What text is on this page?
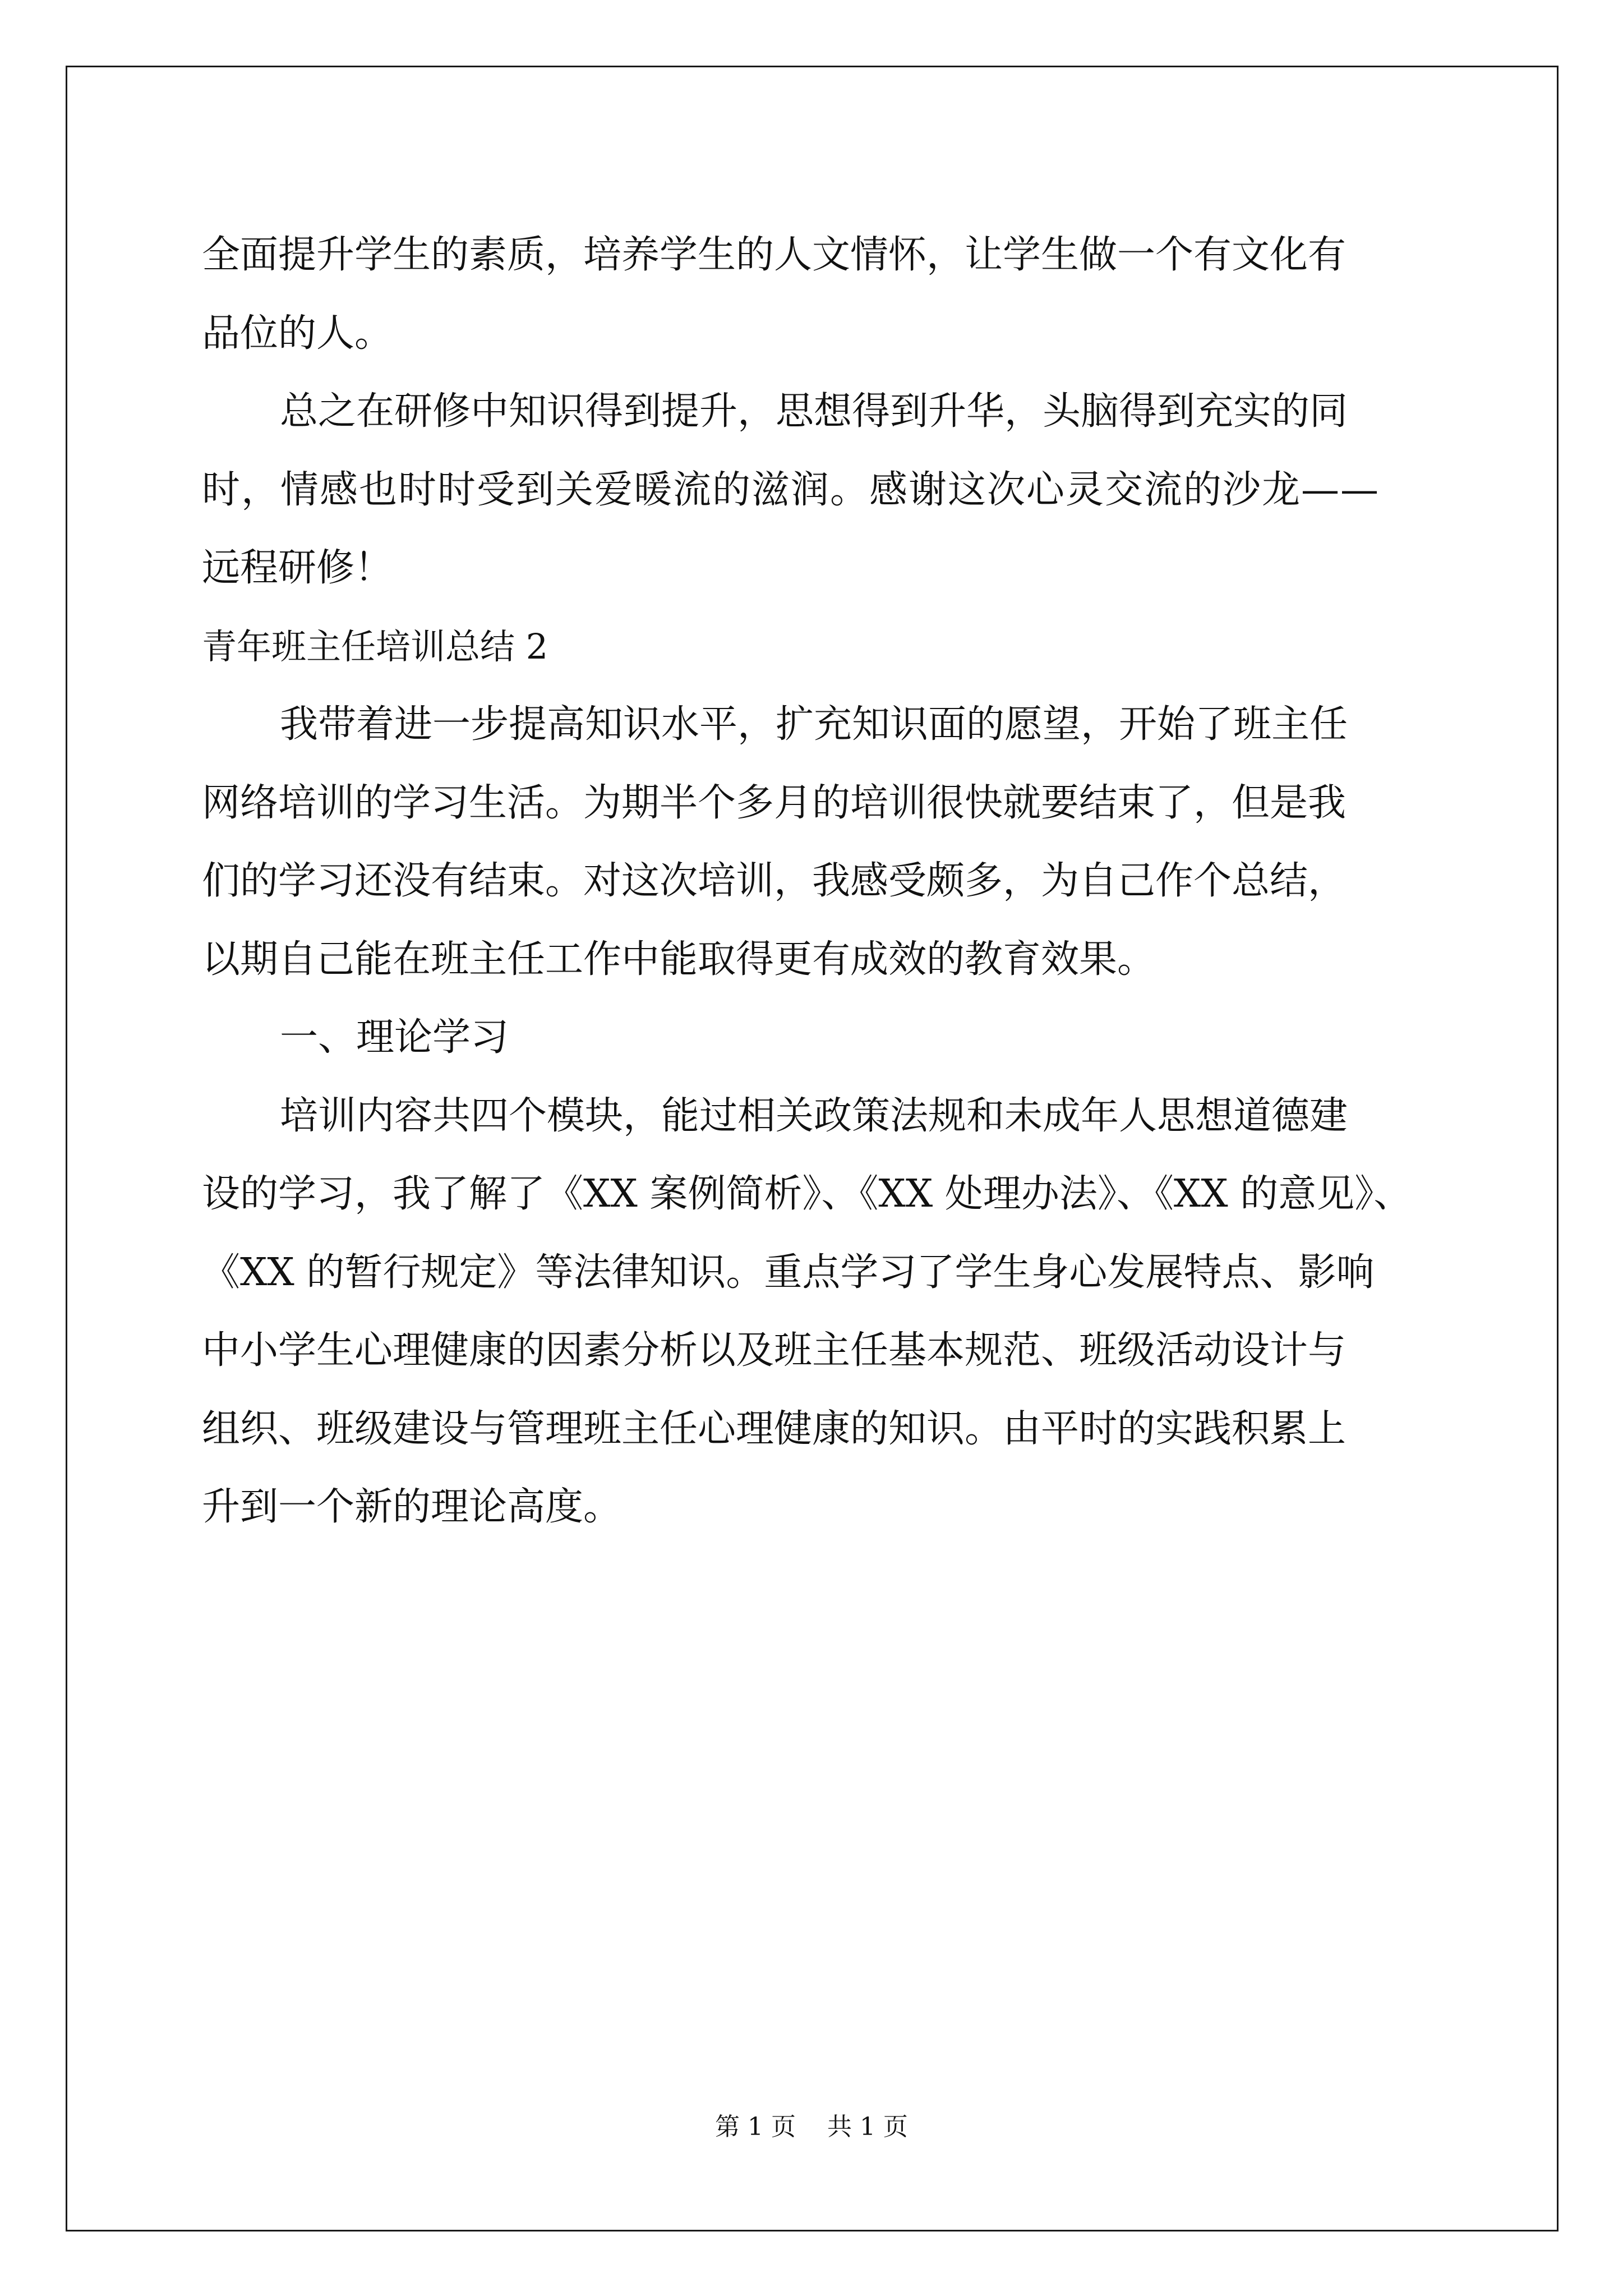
全面提升学生的素质，培养学生的人文情怀，让学生做一个有文化有
品位的人。
总之在研修中知识得到提升，思想得到升华，头脑得到充实的同
时，情感也时时受到关爱暖流的滋润。感谢这次心灵交流的沙龙——
远程研修！
青年班主任培训总结 2
我带着进一步提高知识水平，扩充知识面的愿望，开始了班主任
网络培训的学习生活。为期半个多月的培训很快就要结束了，但是我
们的学习还没有结束。对这次培训，我感受颇多，为自己作个总结，
以期自己能在班主任工作中能取得更有成效的教育效果。
一、理论学习
培训内容共四个模块，能过相关政策法规和未成年人思想道德建
设的学习，我了解了《XX 案例简析》、《XX 处理办法》、《XX 的意见》、
《XX 的暂行规定》等法律知识。重点学习了学生身心发展特点、影响
中小学生心理健康的因素分析以及班主任基本规范、班级活动设计与
组织、班级建设与管理班主任心理健康的知识。由平时的实践积累上
升到一个新的理论高度。
第 1 页 共 1 页
